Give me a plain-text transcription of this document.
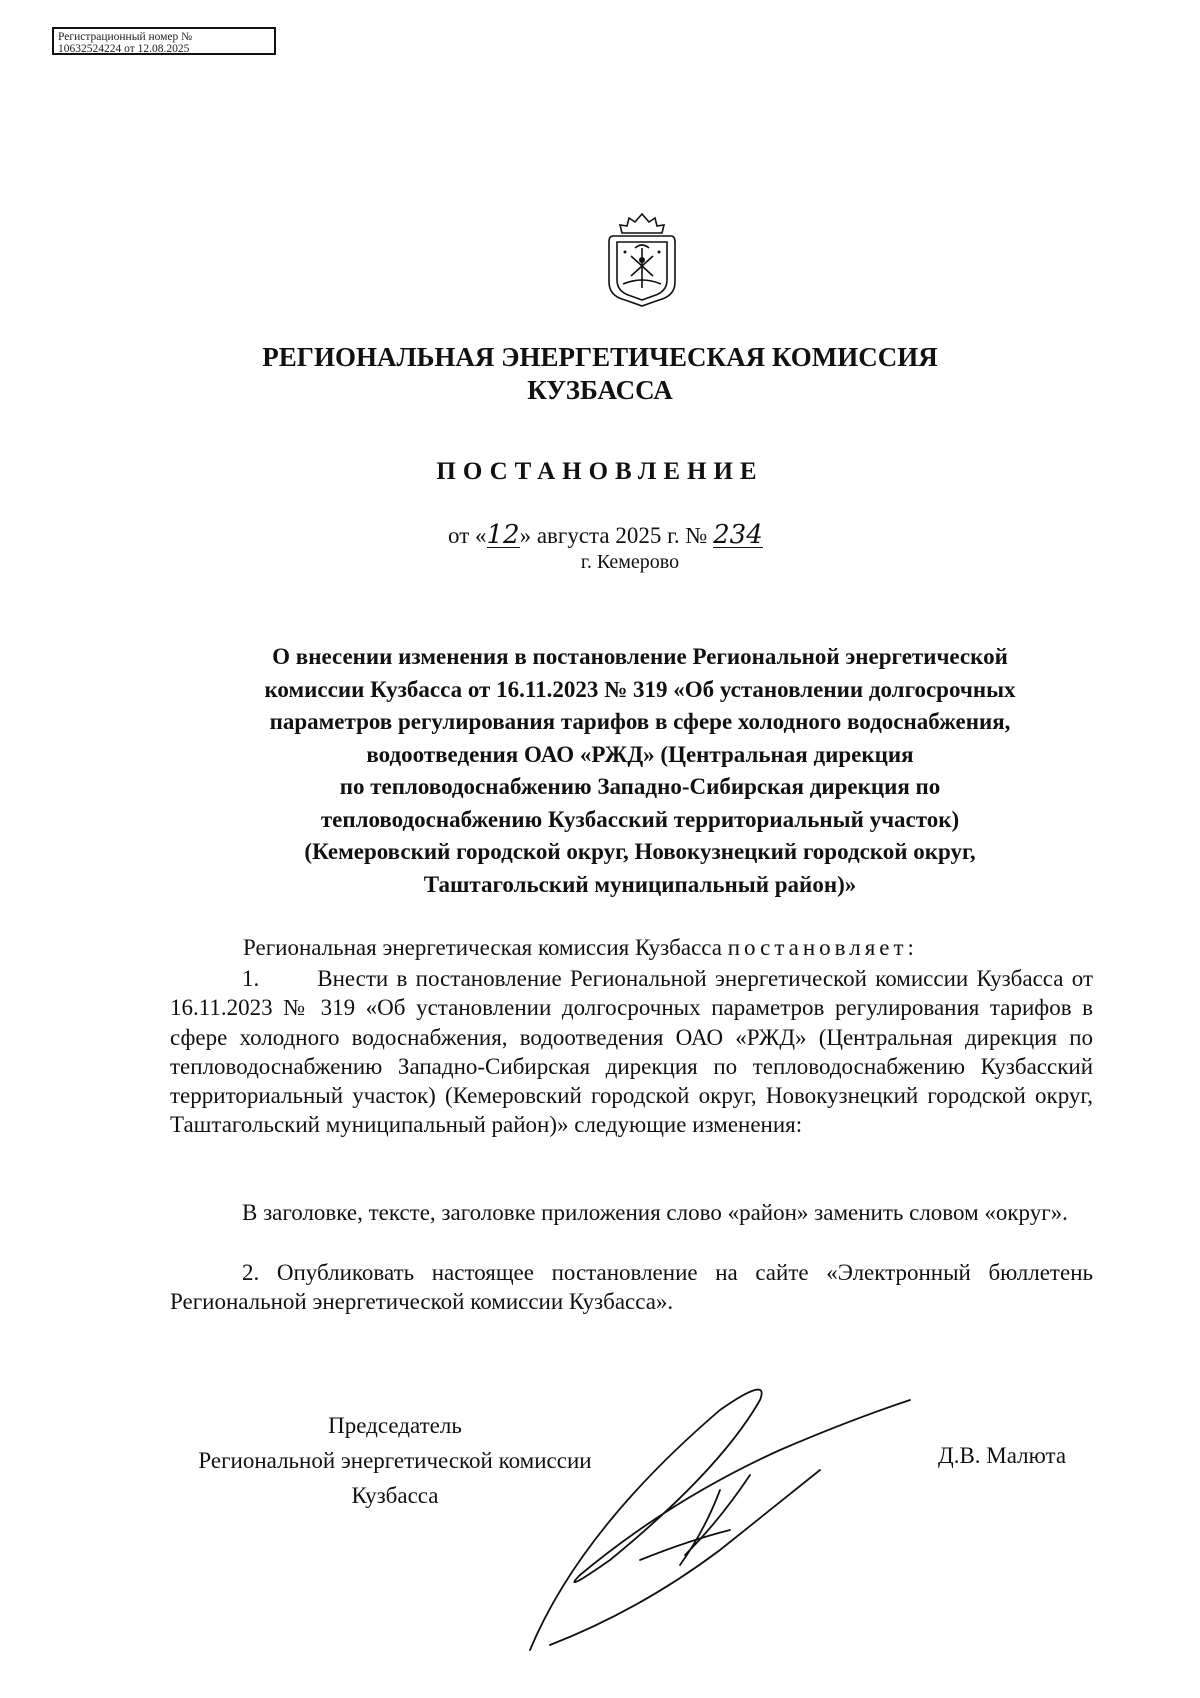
Регистрационный номер №
10632524224 от 12.08.2025
РЕГИОНАЛЬНАЯ ЭНЕРГЕТИЧЕСКАЯ КОМИССИЯ
КУЗБАССА
ПОСТАНОВЛЕНИЕ
от «12» августа 2025 г. № 234
г. Кемерово
О внесении изменения в постановление Региональной энергетической
комиссии Кузбасса от 16.11.2023 № 319 «Об установлении долгосрочных
параметров регулирования тарифов в сфере холодного водоснабжения,
водоотведения ОАО «РЖД» (Центральная дирекция
по тепловодоснабжению Западно-Сибирская дирекция по
тепловодоснабжению Кузбасский территориальный участок)
(Кемеровский городской округ, Новокузнецкий городской округ,
Таштагольский муниципальный район)»
Региональная энергетическая комиссия Кузбасса постановляет:

1.	Внести в постановление Региональной энергетической комиссии Кузбасса от 16.11.2023 № 319 «Об установлении долгосрочных параметров регулирования тарифов в сфере холодного водоснабжения, водоотведения ОАО «РЖД» (Центральная дирекция по тепловодоснабжению Западно-Сибирская дирекция по тепловодоснабжению Кузбасский территориальный участок) (Кемеровский городской округ, Новокузнецкий городской округ, Таштагольский муниципальный район)» следующие изменения:

В заголовке, тексте, заголовке приложения слово «район» заменить словом «округ».

2. Опубликовать настоящее постановление на сайте «Электронный бюллетень Региональной энергетической комиссии Кузбасса».

Председатель
Региональной энергетической комиссии
Кузбасса
Д.В. Малюта
